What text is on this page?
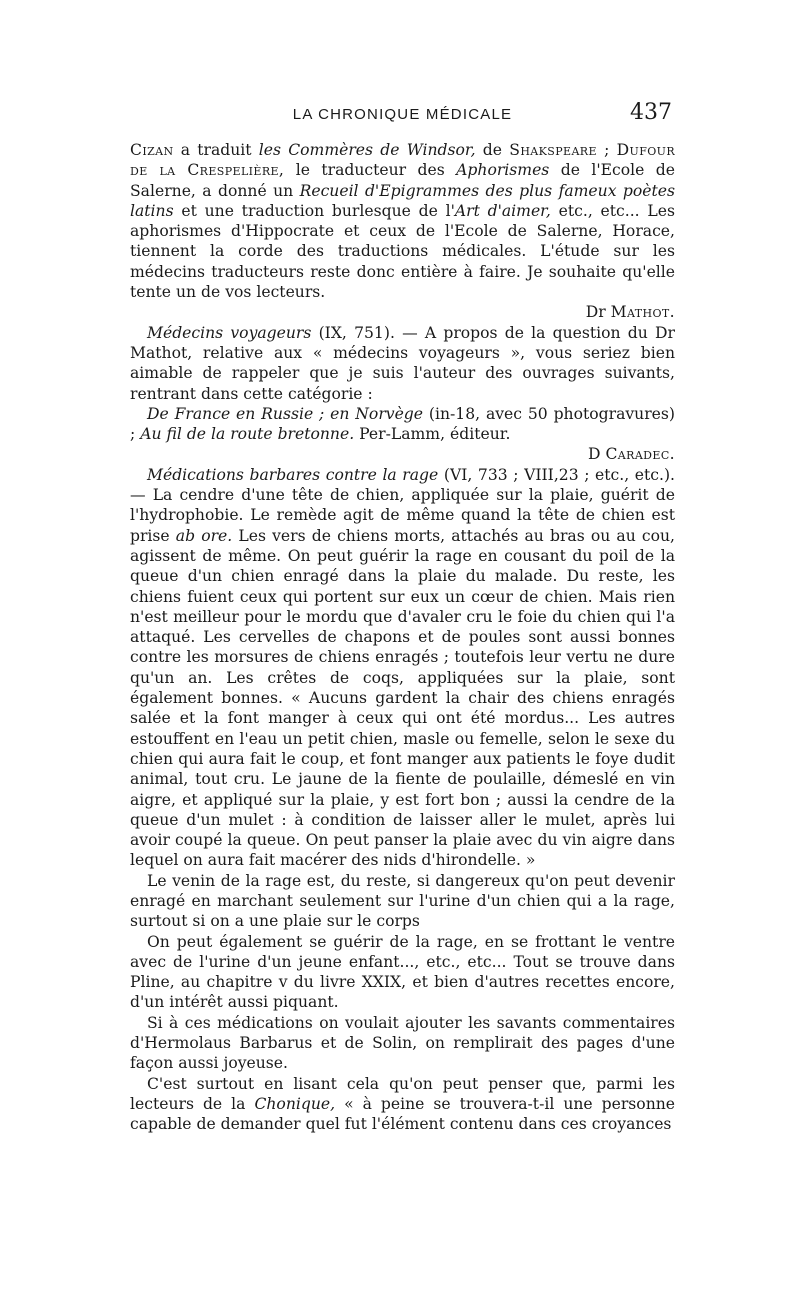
LA CHRONIQUE MÉDICALE	437

Cizan a traduit les Commères de Windsor, de Shakspeare ; Dufour de la Crespelière, le traducteur des Aphorismes de l'Ecole de Salerne, a donné un Recueil d'Epigrammes des plus fameux poètes latins et une traduction burlesque de l'Art d'aimer, etc., etc... Les aphorismes d'Hippocrate et ceux de l'Ecole de Salerne, Horace, tiennent la corde des traductions médicales. L'étude sur les médecins traducteurs reste donc entière à faire. Je souhaite qu'elle tente un de vos lecteurs.

Dr Mathot.

Médecins voyageurs (IX, 751). — A propos de la question du Dr Mathot, relative aux « médecins voyageurs », vous seriez bien aimable de rappeler que je suis l'auteur des ouvrages suivants, rentrant dans cette catégorie :

De France en Russie ; en Norvège (in-18, avec 50 photogravures) ; Au fil de la route bretonne. Per-Lamm, éditeur.

D Caradec.

Médications barbares contre la rage (VI, 733 ; VIII,23 ; etc., etc.). — La cendre d'une tête de chien, appliquée sur la plaie, guérit de l'hydrophobie. Le remède agit de même quand la tête de chien est prise ab ore. Les vers de chiens morts, attachés au bras ou au cou, agissent de même. On peut guérir la rage en cousant du poil de la queue d'un chien enragé dans la plaie du malade. Du reste, les chiens fuient ceux qui portent sur eux un cœur de chien. Mais rien n'est meilleur pour le mordu que d'avaler cru le foie du chien qui l'a attaqué. Les cervelles de chapons et de poules sont aussi bonnes contre les morsures de chiens enragés ; toutefois leur vertu ne dure qu'un an. Les crêtes de coqs, appliquées sur la plaie, sont également bonnes. « Aucuns gardent la chair des chiens enragés salée et la font manger à ceux qui ont été mordus... Les autres estouffent en l'eau un petit chien, masle ou femelle, selon le sexe du chien qui aura fait le coup, et font manger aux patients le foye dudit animal, tout cru. Le jaune de la fiente de poulaille, démeslé en vin aigre, et appliqué sur la plaie, y est fort bon ; aussi la cendre de la queue d'un mulet : à condition de laisser aller le mulet, après lui avoir coupé la queue. On peut panser la plaie avec du vin aigre dans lequel on aura fait macérer des nids d'hirondelle. »

Le venin de la rage est, du reste, si dangereux qu'on peut devenir enragé en marchant seulement sur l'urine d'un chien qui a la rage, surtout si on a une plaie sur le corps

On peut également se guérir de la rage, en se frottant le ventre avec de l'urine d'un jeune enfant..., etc., etc... Tout se trouve dans Pline, au chapitre v du livre XXIX, et bien d'autres recettes encore, d'un intérêt aussi piquant.

Si à ces médications on voulait ajouter les savants commentaires d'Hermolaus Barbarus et de Solin, on remplirait des pages d'une façon aussi joyeuse.

C'est surtout en lisant cela qu'on peut penser que, parmi les lecteurs de la Chonique, « à peine se trouvera-t-il une personne capable de demander quel fut l'élément contenu dans ces croyances
